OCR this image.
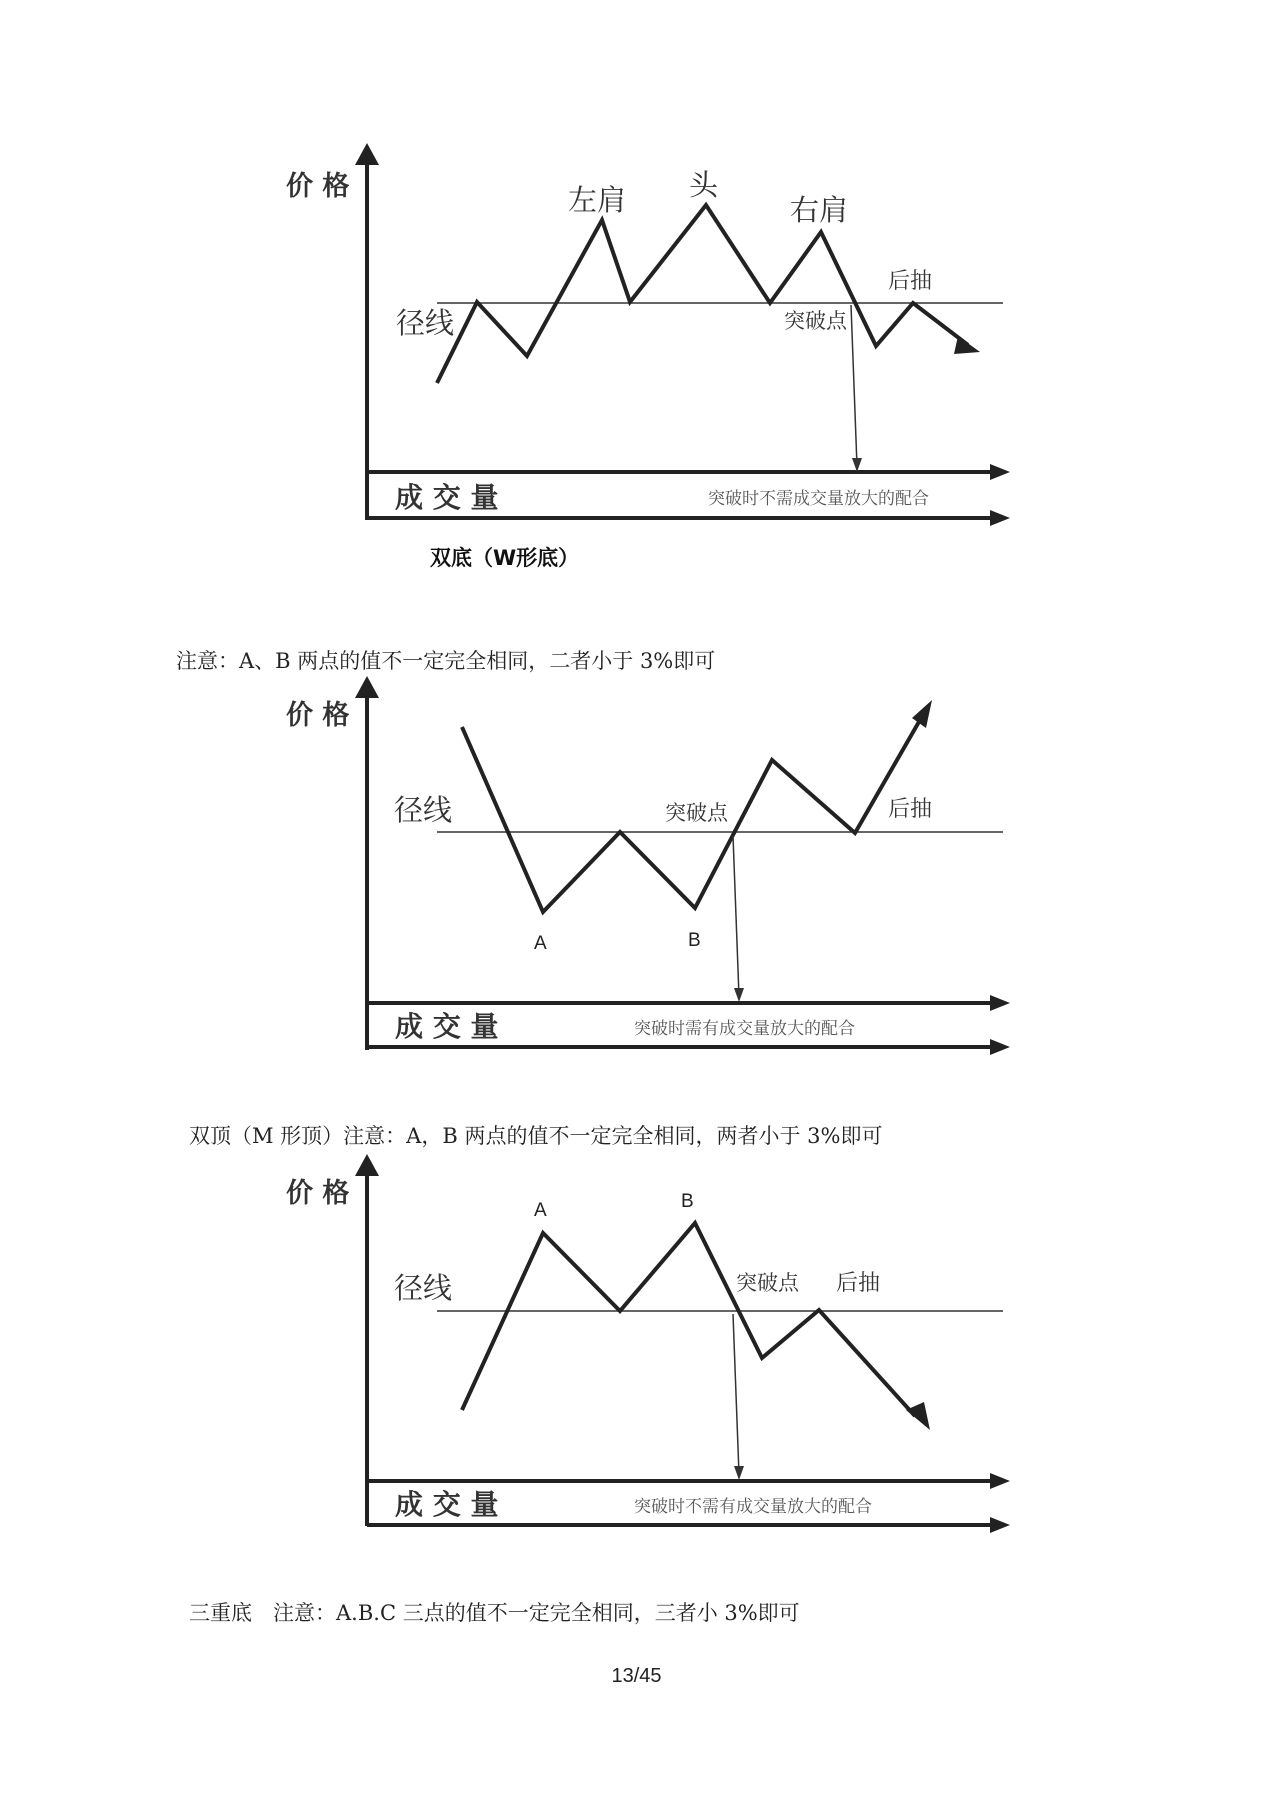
价 格
成 交 量
径线
左肩 头
右肩
后抽
突破点
突破时不需成交量放大的配合
双底（W形底）
注意：A、B 两点的值不一定完全相同，二者小于 3%即可
价 格
成 交 量
径线	突破点	后抽
A	B
突破时需有成交量放大的配合
双顶（M 形顶）注意：A，B 两点的值不一定完全相同，两者小于 3%即可
价 格
成 交 量
径线	突破点 后抽
A	B
突破时不需有成交量放大的配合
三重底　注意：A.B.C 三点的值不一定完全相同，三者小 3%即可
13/45
